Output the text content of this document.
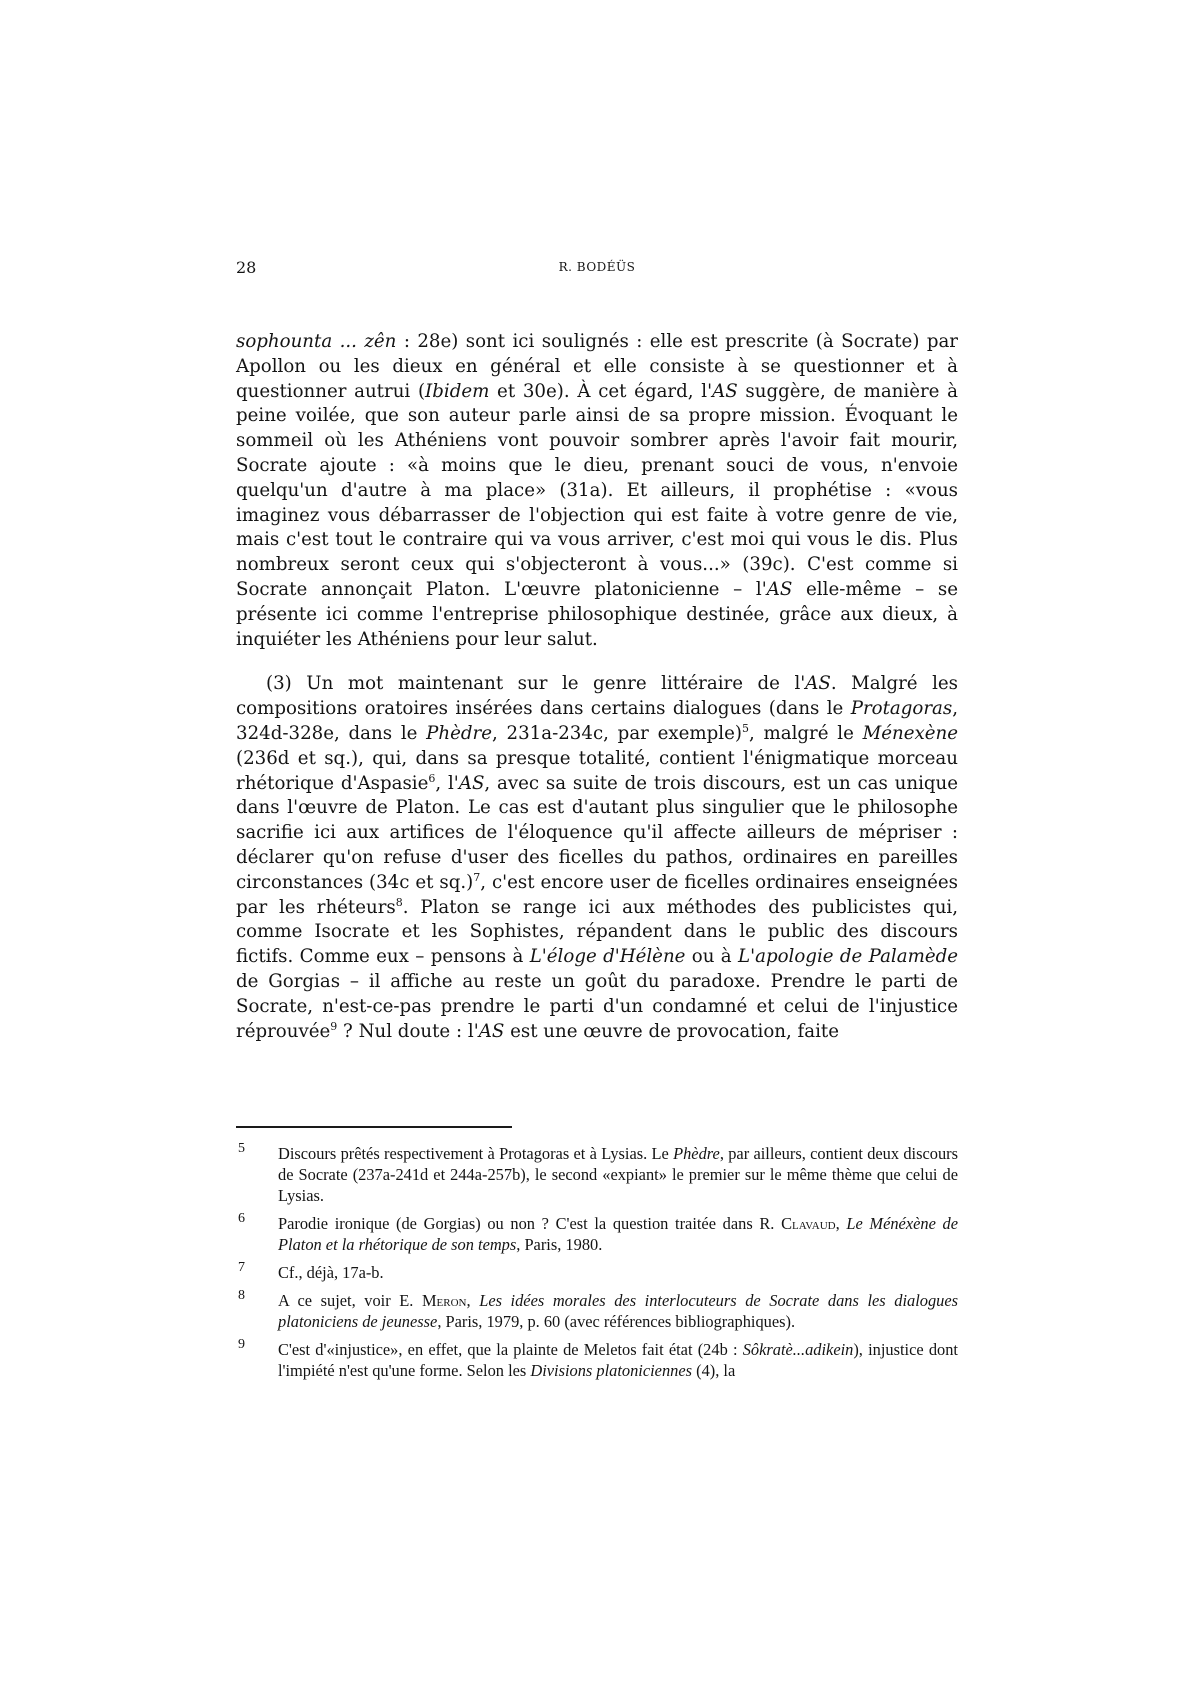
28	R. BODÉÜS

sophounta ... zên : 28e) sont ici soulignés : elle est prescrite (à Socrate) par Apollon ou les dieux en général et elle consiste à se questionner et à questionner autrui (Ibidem et 30e). À cet égard, l'AS suggère, de manière à peine voilée, que son auteur parle ainsi de sa propre mission. Évoquant le sommeil où les Athéniens vont pouvoir sombrer après l'avoir fait mourir, Socrate ajoute : «à moins que le dieu, prenant souci de vous, n'envoie quelqu'un d'autre à ma place» (31a). Et ailleurs, il prophétise : «vous imaginez vous débarrasser de l'objection qui est faite à votre genre de vie, mais c'est tout le contraire qui va vous arriver, c'est moi qui vous le dis. Plus nombreux seront ceux qui s'objecteront à vous...» (39c). C'est comme si Socrate annonçait Platon. L'œuvre platonicienne – l'AS elle-même – se présente ici comme l'entreprise philosophique destinée, grâce aux dieux, à inquiéter les Athéniens pour leur salut.

(3) Un mot maintenant sur le genre littéraire de l'AS. Malgré les compositions oratoires insérées dans certains dialogues (dans le Protagoras, 324d-328e, dans le Phèdre, 231a-234c, par exemple)$^5$, malgré le Ménexène (236d et sq.), qui, dans sa presque totalité, contient l'énigmatique morceau rhétorique d'Aspasie$^6$, l'AS, avec sa suite de trois discours, est un cas unique dans l'œuvre de Platon. Le cas est d'autant plus singulier que le philosophe sacrifie ici aux artifices de l'éloquence qu'il affecte ailleurs de mépriser : déclarer qu'on refuse d'user des ficelles du pathos, ordinaires en pareilles circonstances (34c et sq.)$^7$, c'est encore user de ficelles ordinaires enseignées par les rhéteurs$^8$. Platon se range ici aux méthodes des publicistes qui, comme Isocrate et les Sophistes, répandent dans le public des discours fictifs. Comme eux – pensons à L'éloge d'Hélène ou à L'apologie de Palamède de Gorgias – il affiche au reste un goût du paradoxe. Prendre le parti de Socrate, n'est-ce-pas prendre le parti d'un condamné et celui de l'injustice réprouvée$^9$ ? Nul doute : l'AS est une œuvre de provocation, faite

5 Discours prêtés respectivement à Protagoras et à Lysias. Le Phèdre, par ailleurs, contient deux discours de Socrate (237a-241d et 244a-257b), le second «expiant» le premier sur le même thème que celui de Lysias.
6 Parodie ironique (de Gorgias) ou non ? C'est la question traitée dans R. Clavaud, Le Ménéxène de Platon et la rhétorique de son temps, Paris, 1980.
7 Cf., déjà, 17a-b.
8 A ce sujet, voir E. Meron, Les idées morales des interlocuteurs de Socrate dans les dialogues platoniciens de jeunesse, Paris, 1979, p. 60 (avec références bibliographiques).
9 C'est d'«injustice», en effet, que la plainte de Meletos fait état (24b : Sôkratè...adikein), injustice dont l'impiété n'est qu'une forme. Selon les Divisions platoniciennes (4), la
